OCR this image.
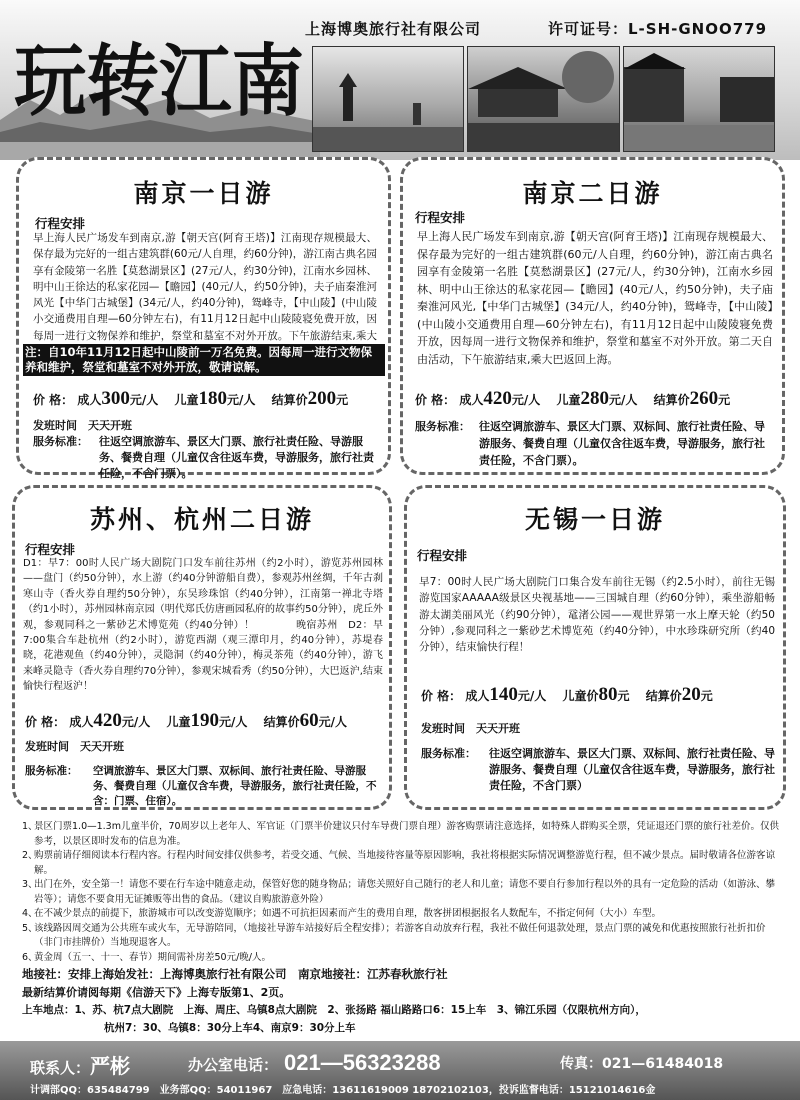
玩转江南
上海博奥旅行社有限公司	许可证号：L-SH-GNOO779
南京一日游
行程安排
早上海人民广场发车到南京,游【朝天宫(阿育王塔)】江南现存规模最大、保存最为完好的一组古建筑群(60元/人自理，约60分钟)，游江南古典名园享有金陵第一名胜【莫愁湖景区】(27元/人，约30分钟)，江南水乡园林、明中山王徐达的私家花园—【瞻园】(40元/人，约50分钟)，夫子庙秦淮河风光【中华门古城堡】(34元/人，约40分钟)，鸳峰寺，【中山陵】(中山陵小交通费用自理—60分钟左右)，有11月12日起中山陵陵寝免费开放，因每周一进行文物保养和维护，祭堂和墓室不对外开放。下午旅游结束,乘大
注：自10年11月12日起中山陵前一万名免费。因每周一进行文物保养和维护，祭堂和墓室不对外开放，敬请谅解。
价 格： 成人300元/人　 儿童180元/人　 结算价200元
发班时间　 天天开班
服务标准：	往返空调旅游车、景区大门票、旅行社责任险、导游服务、餐费自理（儿童仅含往返车费，导游服务，旅行社责任险，不含门票）。
南京二日游
行程安排
早上海人民广场发车到南京,游【朝天宫(阿育王塔)】江南现存规模最大、保存最为完好的一组古建筑群(60元/人自理，约60分钟)，游江南古典名园享有金陵第一名胜【莫愁湖景区】(27元/人，约30分钟)，江南水乡园林、明中山王徐达的私家花园—【瞻园】(40元/人，约50分钟)，夫子庙秦淮河风光,【中华门古城堡】(34元/人，约40分钟)，鸳峰寺，【中山陵】(中山陵小交通费用自理—60分钟左右)，有11月12日起中山陵陵寝免费开放，因每周一进行文物保养和维护，祭堂和墓室不对外开放。第二天自由活动，下午旅游结束,乘大巴返回上海。
价 格： 成人420元/人　 儿童280元/人　 结算价260元
服务标准： 往返空调旅游车、景区大门票、双标间、旅行社责任险、导游服务、餐费自理（儿童仅含往返车费，导游服务，旅行社责任险，不含门票）。
苏州、杭州二日游
行程安排
D1：早7：00时人民广场大剧院门口发车前往苏州（约2小时），游览苏州园林——盘门（约50分钟），水上游（约40分钟游船自费），参观苏州丝绸，千年古刹寒山寺（香火券自理约50分钟），东吴珍珠馆（约40分钟），江南第一禅北寺塔（约1小时），苏州园林南京园（明代郑氏仿唐画园私府的故事约50分钟），虎丘外观，参观同科之一紫砂艺术博览苑（约40分钟）！　　　　晚宿苏州　D2：早7:00集合车赴杭州（约2小时），游览西湖（观三潭印月，约40分钟），苏堤春晓，花港观鱼（约40分钟），灵隐洞（约40分钟），梅灵茶苑（约40分钟），游飞来峰灵隐寺（香火券自理约70分钟），参观宋城看秀（约50分钟），大巴返沪,结束愉快行程返沪！
价 格： 成人420元/人　 儿童190元/人　 结算价60元/人
发班时间　 天天开班
服务标准：	空调旅游车、景区大门票、双标间、旅行社责任险、导游服务、餐费自理（儿童仅含车费，导游服务，旅行社责任险，不含：门票、住宿）。
无锡一日游
行程安排
早7：00时人民广场大剧院门口集合发车前往无锡（约2.5小时），前往无锡游览国家AAAAA级景区央视基地——三国城自理（约60分钟），乘坐游船畅游太湖美丽风光（约90分钟），鼋渚公园——观世界第一水上摩天轮（约50分钟）,参观同科之一紫砂艺术博览苑（约40分钟），中水珍珠研究所（约40分钟），结束愉快行程！
价 格： 成人140元/人　 儿童价80元　 结算价20元
发班时间　 天天开班
服务标准：	往返空调旅游车、景区大门票、双标间、旅行社责任险、导游服务、餐费自理（儿童仅含往返车费，导游服务，旅行社责任险，不含门票）
1、
景区门票1.0—1.3m儿童半价，70周岁以上老年人、军官证（门票半价建议只付车导费门票自理）游客购票请注意选择，如特殊人群购买全票，凭证退还门票的旅行社差价。仅供参考，以景区即时发布的信息为准。
2、
购票前请仔细阅读本行程内容。行程内时间安排仅供参考，若受交通、气候、当地接待容量等原因影响，我社将根据实际情况调整游览行程，但不减少景点。届时敬请各位游客谅解。
3、
出门在外，安全第一！请您不要在行车途中随意走动，保管好您的随身物品；请您关照好自己随行的老人和儿童；请您不要自行参加行程以外的具有一定危险的活动（如游泳、攀岩等）；请您不要食用无证摊贩等出售的食品。（建议自购旅游意外险）
4、
在不减少景点的前提下，旅游城市可以改变游览顺序；如遇不可抗拒因素而产生的费用自理，散客拼团根据报名人数配车，不指定何何（大小）车型。
5、
该线路因周交通为公共班车或火车，无导游陪同，（地接社导游车站接好后全程安排）；若游客自动放弃行程，我社不做任何退款处理，景点门票的减免和优惠按照旅行社折扣价（非门市挂牌价）当地现退客人。
6、
黄金周（五一、十一、春节）期间需补房差50元/晚/人。
地接社：安排上海始发社：上海博奥旅行社有限公司　南京地接社：江苏春秋旅行社
最新结算价请阅每期《信游天下》上海专版第1、2页。
上车地点：1、苏、杭7点大剧院　上海、周庄、乌镇8点大剧院　2、张扬路 福山路路口6：15上车　3、锦江乐园（仅限杭州方向），
杭州7：30、乌镇8：30分上车4、南京9：30分上车
联系人：严彬	办公室电话： 021—56323288	传真：021—61484018
计调部QQ：635484799　业务部QQ：54011967　应急电话：13611619009 18702102103，投诉监督电话：15121014616金
